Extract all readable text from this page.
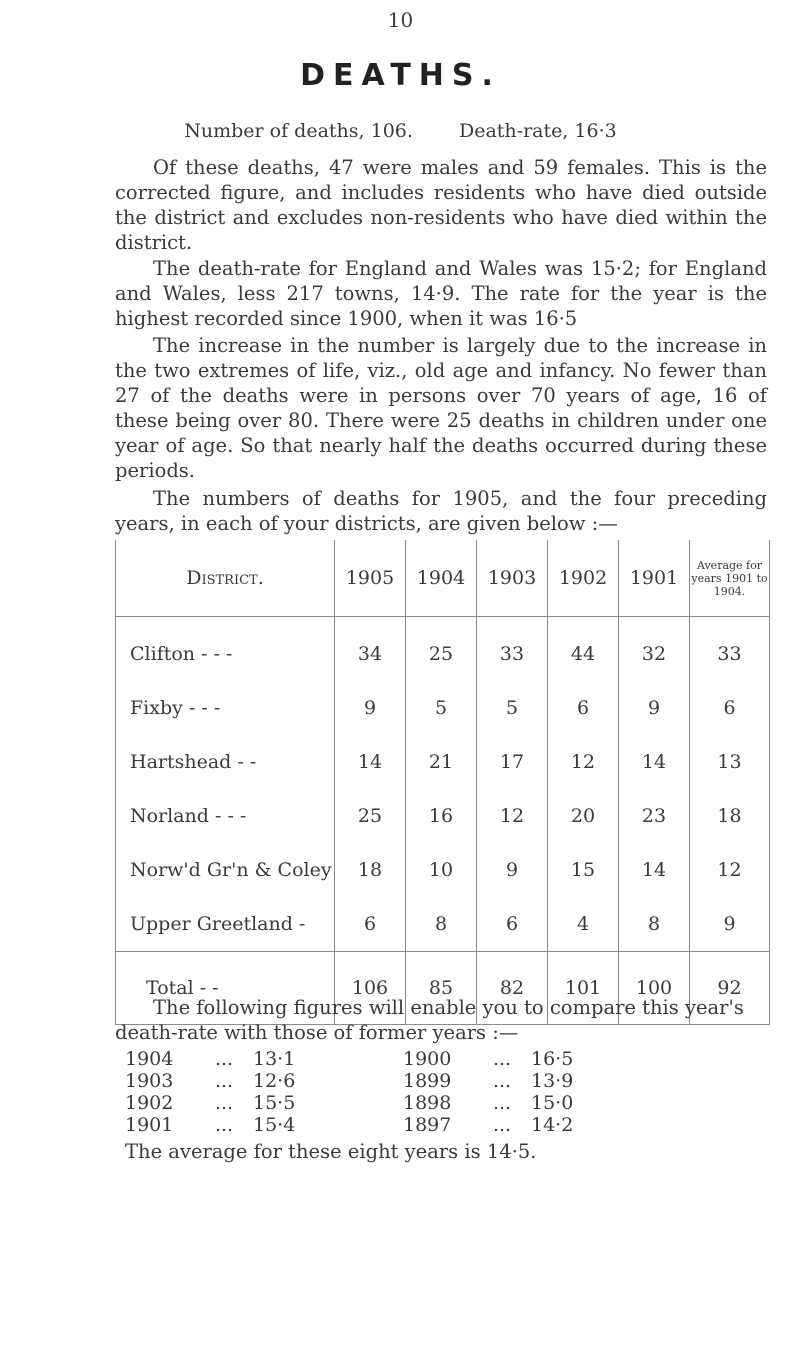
10
DEATHS.
Number of deaths, 106. Death-rate, 16·3

Of these deaths, 47 were males and 59 females. This is the corrected figure, and includes residents who have died outside the district and excludes non-residents who have died within the district.

The death-rate for England and Wales was 15·2; for England and Wales, less 217 towns, 14·9. The rate for the year is the highest recorded since 1900, when it was 16·5

The increase in the number is largely due to the increase in the two extremes of life, viz., old age and infancy. No fewer than 27 of the deaths were in persons over 70 years of age, 16 of these being over 80. There were 25 deaths in children under one year of age. So that nearly half the deaths occurred during these periods.

The numbers of deaths for 1905, and the four preceding years, in each of your districts, are given below :—

District.	1905	1904	1903	1902	1901	Average for years 1901 to 1904.

Clifton - - -	34	25	33	44	32	33
Fixby - - -	9	5	5	6	9	6
Hartshead - -	14	21	17	12	14	13
Norland - - -	25	16	12	20	23	18
Norw'd Gr'n & Coley	18	10	9	15	14	12
Upper Greetland -	6	8	6	4	8	9
Total - -	106	85	82	101	100	92

The following figures will enable you to compare this year's death-rate with those of former years :—

1904	...	13·1	1900	...	16·5
1903	...	12·6	1899	...	13·9
1902	...	15·5	1898	...	15·0
1901	...	15·4	1897	...	14·2
The average for these eight years is 14·5.
